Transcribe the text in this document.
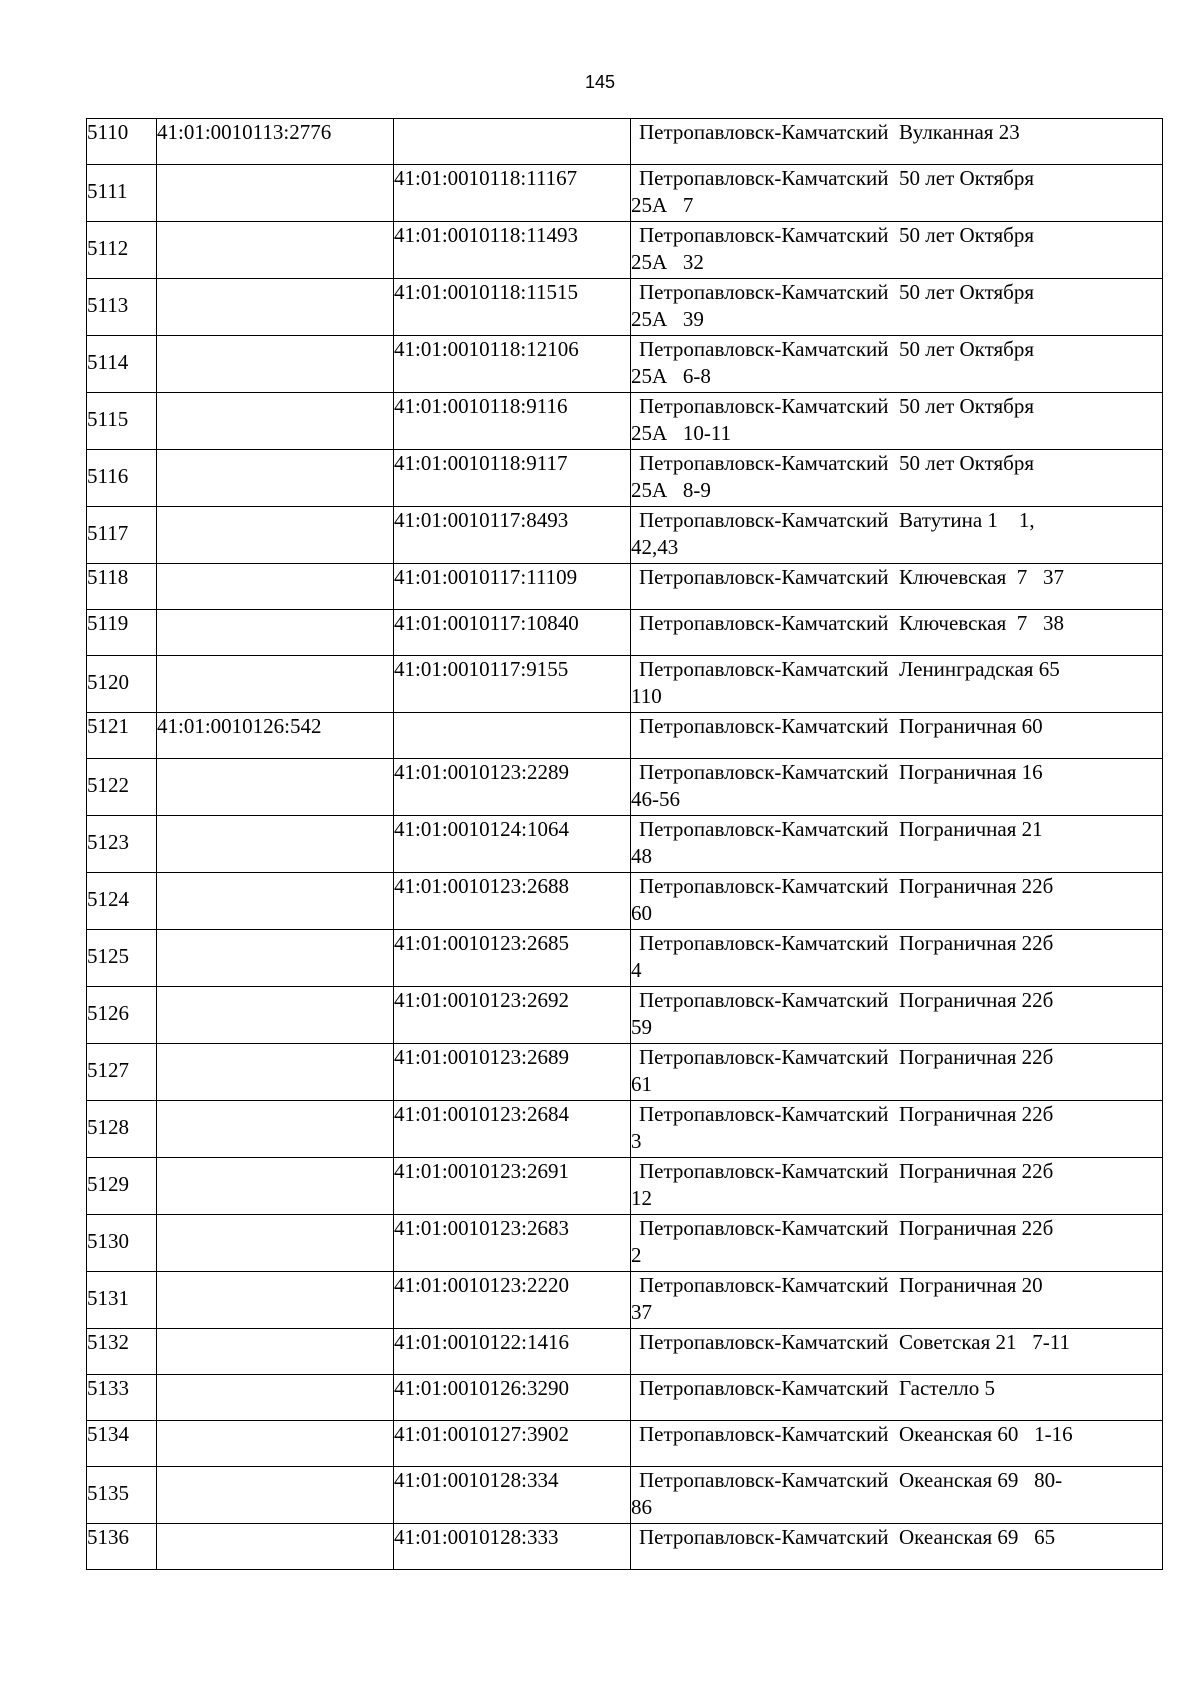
145
5110	41:01:0010113:2776		Петропавловск-Камчатский  Вулканная 23

5111		41:01:0010118:11167	Петропавловск-Камчатский  50 лет Октября
25А   7

5112		41:01:0010118:11493	Петропавловск-Камчатский  50 лет Октября
25А   32

5113		41:01:0010118:11515	Петропавловск-Камчатский  50 лет Октября
25А   39

5114		41:01:0010118:12106	Петропавловск-Камчатский  50 лет Октября
25А   6-8

5115		41:01:0010118:9116	Петропавловск-Камчатский  50 лет Октября
25А   10-11

5116		41:01:0010118:9117	Петропавловск-Камчатский  50 лет Октября
25А   8-9

5117		41:01:0010117:8493	Петропавловск-Камчатский  Ватутина 1    1,
42,43

5118		41:01:0010117:11109	Петропавловск-Камчатский  Ключевская  7   37

5119		41:01:0010117:10840	Петропавловск-Камчатский  Ключевская  7   38

5120		41:01:0010117:9155	Петропавловск-Камчатский  Ленинградская 65
110

5121	41:01:0010126:542		Петропавловск-Камчатский  Пограничная 60

5122		41:01:0010123:2289	Петропавловск-Камчатский  Пограничная 16
46-56

5123		41:01:0010124:1064	Петропавловск-Камчатский  Пограничная 21
48

5124		41:01:0010123:2688	Петропавловск-Камчатский  Пограничная 22б
60

5125		41:01:0010123:2685	Петропавловск-Камчатский  Пограничная 22б
4

5126		41:01:0010123:2692	Петропавловск-Камчатский  Пограничная 22б
59

5127		41:01:0010123:2689	Петропавловск-Камчатский  Пограничная 22б
61

5128		41:01:0010123:2684	Петропавловск-Камчатский  Пограничная 22б
3

5129		41:01:0010123:2691	Петропавловск-Камчатский  Пограничная 22б
12

5130		41:01:0010123:2683	Петропавловск-Камчатский  Пограничная 22б
2

5131		41:01:0010123:2220	Петропавловск-Камчатский  Пограничная 20
37

5132		41:01:0010122:1416	Петропавловск-Камчатский  Советская 21   7-11

5133		41:01:0010126:3290	Петропавловск-Камчатский  Гастелло 5

5134		41:01:0010127:3902	Петропавловск-Камчатский  Океанская 60   1-16

5135		41:01:0010128:334	Петропавловск-Камчатский  Океанская 69   80-
86

5136		41:01:0010128:333	Петропавловск-Камчатский  Океанская 69   65
